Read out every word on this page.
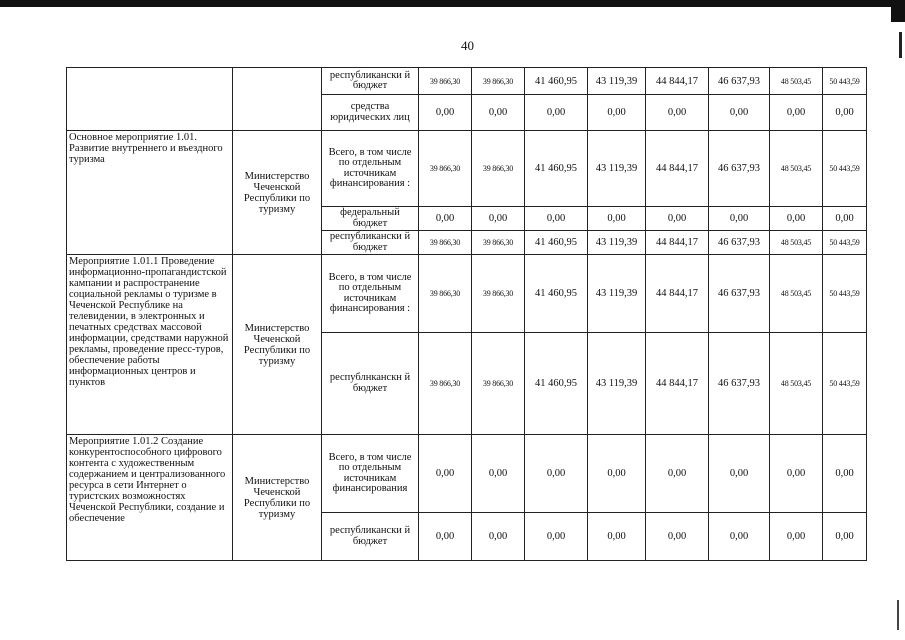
40
		республикански й бюджет	39 866,30	39 866,30	41 460,95	43 119,39	44 844,17	46 637,93	48 503,45	50 443,59
		средства юридических лиц	0,00	0,00	0,00	0,00	0,00	0,00	0,00	0,00
Основное мероприятие 1.01. Развитие внутреннего и въездного туризма	Министерство Чеченской Республики по туризму	Всего, в том числе по отдельным источникам финансирования :	39 866,30	39 866,30	41 460,95	43 119,39	44 844,17	46 637,93	48 503,45	50 443,59
		федеральный бюджет	0,00	0,00	0,00	0,00	0,00	0,00	0,00	0,00
		республикански й бюджет	39 866,30	39 866,30	41 460,95	43 119,39	44 844,17	46 637,93	48 503,45	50 443,59
Мероприятие 1.01.1 Проведение информационно-пропагандистской кампании и распространение социальной рекламы о туризме в Чеченской Республике на телевидении, в электронных и печатных средствах массовой информации, средствами наружной рекламы, проведение пресс-туров, обеспечение работы информационных центров и пунктов	Министерство Чеченской Республики по туризму	Всего, в том числе по отдельным источникам финансирования :	39 866,30	39 866,30	41 460,95	43 119,39	44 844,17	46 637,93	48 503,45	50 443,59
		республнканскн й бюджет	39 866,30	39 866,30	41 460,95	43 119,39	44 844,17	46 637,93	48 503,45	50 443,59
Мероприятие 1.01.2 Создание конкурентоспособного цифрового контента с художественным содержанием и централизованного ресурса в сети Интернет о туристских возможностях Чеченской Республики, создание и обеспечение	Министерство Чеченской Республики по туризму	Всего, в том числе по отдельным источникам финансирования	0,00	0,00	0,00	0,00	0,00	0,00	0,00	0,00
		республикански й бюджет	0,00	0,00	0,00	0,00	0,00	0,00	0,00	0,00
